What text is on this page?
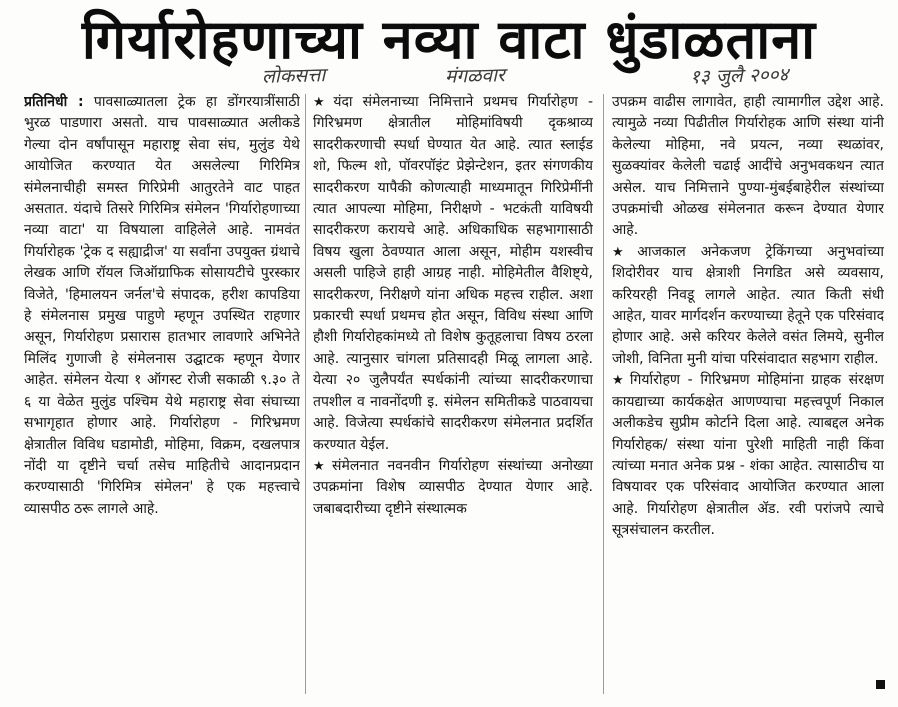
गिर्यारोहणाच्या नव्या वाटा धुंडाळताना
लोकसत्ता	मंगळवार	१३ जुलै २००४

प्रतिनिधी : पावसाळ्यातला ट्रेक हा डोंगरयात्रींसाठी भुरळ पाडणारा असतो. याच पावसाळ्यात अलीकडे गेल्या दोन वर्षांपासून महाराष्ट्र सेवा संघ, मुलुंड येथे आयोजित करण्यात येत असलेल्या गिरिमित्र संमेलनाचीही समस्त गिरिप्रेमी आतुरतेने वाट पाहत असतात. यंदाचे तिसरे गिरिमित्र संमेलन 'गिर्यारोहणाच्या नव्या वाटा' या विषयाला वाहिलेले आहे. नामवंत गिर्यारोहक 'ट्रेक द सह्याद्रीज' या सर्वांना उपयुक्त ग्रंथाचे लेखक आणि रॉयल जिऑग्राफिक सोसायटीचे पुरस्कार विजेते, 'हिमालयन जर्नल'चे संपादक, हरीश कापडिया हे संमेलनास प्रमुख पाहुणे म्हणून उपस्थित राहणार असून, गिर्यारोहण प्रसारास हातभार लावणारे अभिनेते मिलिंद गुणाजी हे संमेलनास उद्घाटक म्हणून येणार आहेत. संमेलन येत्या १ ऑगस्ट रोजी सकाळी ९.३० ते ६ या वेळेत मुलुंड पश्चिम येथे महाराष्ट्र सेवा संघाच्या सभागृहात होणार आहे. गिर्यारोहण - गिरिभ्रमण क्षेत्रातील विविध घडामोडी, मोहिमा, विक्रम, दखलपात्र नोंदी या दृष्टीने चर्चा तसेच माहितीचे आदानप्रदान करण्यासाठी 'गिरिमित्र संमेलन' हे एक महत्त्वाचे व्यासपीठ ठरू लागले आहे.

★ यंदा संमेलनाच्या निमित्ताने प्रथमच गिर्यारोहण - गिरिभ्रमण क्षेत्रातील मोहिमांविषयी दृकश्राव्य सादरीकरणाची स्पर्धा घेण्यात येत आहे. त्यात स्लाईड शो, फिल्म शो, पॉवरपॉइंट प्रेझेन्टेशन, इतर संगणकीय सादरीकरण यापैकी कोणत्याही माध्यमातून गिरिप्रेमींनी त्यात आपल्या मोहिमा, निरीक्षणे - भटकंती याविषयी सादरीकरण करायचे आहे. अधिकाधिक सहभागासाठी विषय खुला ठेवण्यात आला असून, मोहीम यशस्वीच असली पाहिजे हाही आग्रह नाही. मोहिमेतील वैशिष्ट्ये, सादरीकरण, निरीक्षणे यांना अधिक महत्त्व राहील. अशा प्रकारची स्पर्धा प्रथमच होत असून, विविध संस्था आणि हौशी गिर्यारोहकांमध्ये तो विशेष कुतूहलाचा विषय ठरला आहे. त्यानुसार चांगला प्रतिसादही मिळू लागला आहे. येत्या २० जुलैपर्यंत स्पर्धकांनी त्यांच्या सादरीकरणाचा तपशील व नावनोंदणी इ. संमेलन समितीकडे पाठवायचा आहे. विजेत्या स्पर्धकांचे सादरीकरण संमेलनात प्रदर्शित करण्यात येईल.

★ संमेलनात नवनवीन गिर्यारोहण संस्थांच्या अनोख्या उपक्रमांना विशेष व्यासपीठ देण्यात येणार आहे. जबाबदारीच्या दृष्टीने संस्थात्मक

उपक्रम वाढीस लागावेत, हाही त्यामागील उद्देश आहे. त्यामुळे नव्या पिढीतील गिर्यारोहक आणि संस्था यांनी केलेल्या मोहिमा, नवे प्रयत्न, नव्या स्थळांवर, सुळक्यांवर केलेली चढाई आदींचे अनुभवकथन त्यात असेल. याच निमित्ताने पुण्या-मुंबईबाहेरील संस्थांच्या उपक्रमांची ओळख संमेलनात करून देण्यात येणार आहे.

★ आजकाल अनेकजण ट्रेकिंगच्या अनुभवांच्या शिदोरीवर याच क्षेत्राशी निगडित असे व्यवसाय, करियरही निवडू लागले आहेत. त्यात किती संधी आहेत, यावर मार्गदर्शन करण्याच्या हेतूने एक परिसंवाद होणार आहे. असे करियर केलेले वसंत लिमये, सुनील जोशी, विनिता मुनी यांचा परिसंवादात सहभाग राहील.

★ गिर्यारोहण - गिरिभ्रमण मोहिमांना ग्राहक संरक्षण कायद्याच्या कार्यकक्षेत आणण्याचा महत्त्वपूर्ण निकाल अलीकडेच सुप्रीम कोर्टाने दिला आहे. त्याबद्दल अनेक गिर्यारोहक/ संस्था यांना पुरेशी माहिती नाही किंवा त्यांच्या मनात अनेक प्रश्न - शंका आहेत. त्यासाठीच या विषयावर एक परिसंवाद आयोजित करण्यात आला आहे. गिर्यारोहण क्षेत्रातील ॲड. रवी परांजपे त्याचे सूत्रसंचालन करतील.
